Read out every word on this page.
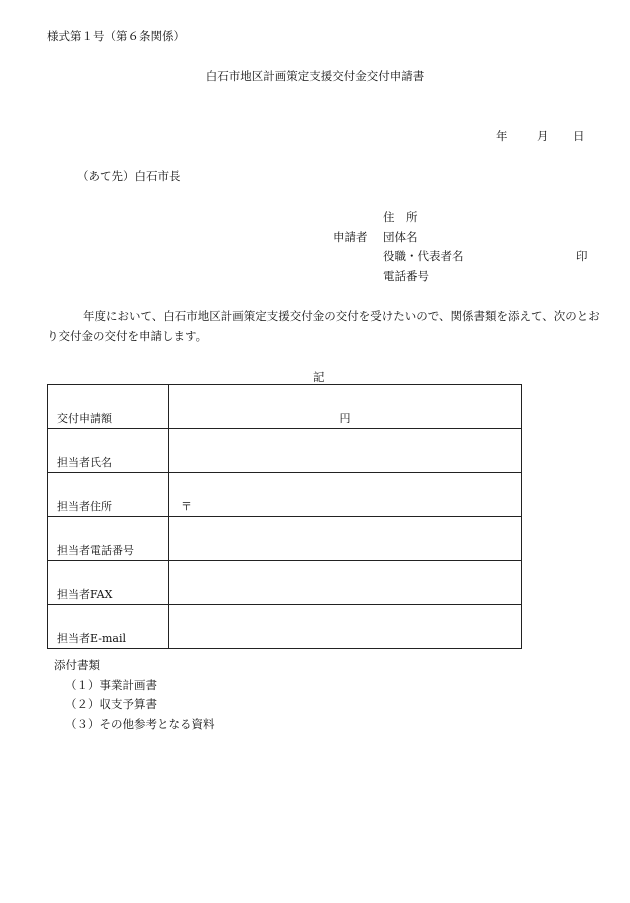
様式第１号（第６条関係）
白石市地区計画策定支援交付金交付申請書
年	月 日
（あて先）白石市長
住　所
申請者 団体名
役職・代表者名	印
電話番号
年度において、白石市地区計画策定支援交付金の交付を受けたいので、関係書類を添えて、次のとおり交付金の交付を申請します。
記
交付申請額	円
担当者氏名	
担当者住所	〒
担当者電話番号	
担当者FAX	
担当者E-mail	
添付書類
（１）事業計画書
（２）収支予算書
（３）その他参考となる資料
